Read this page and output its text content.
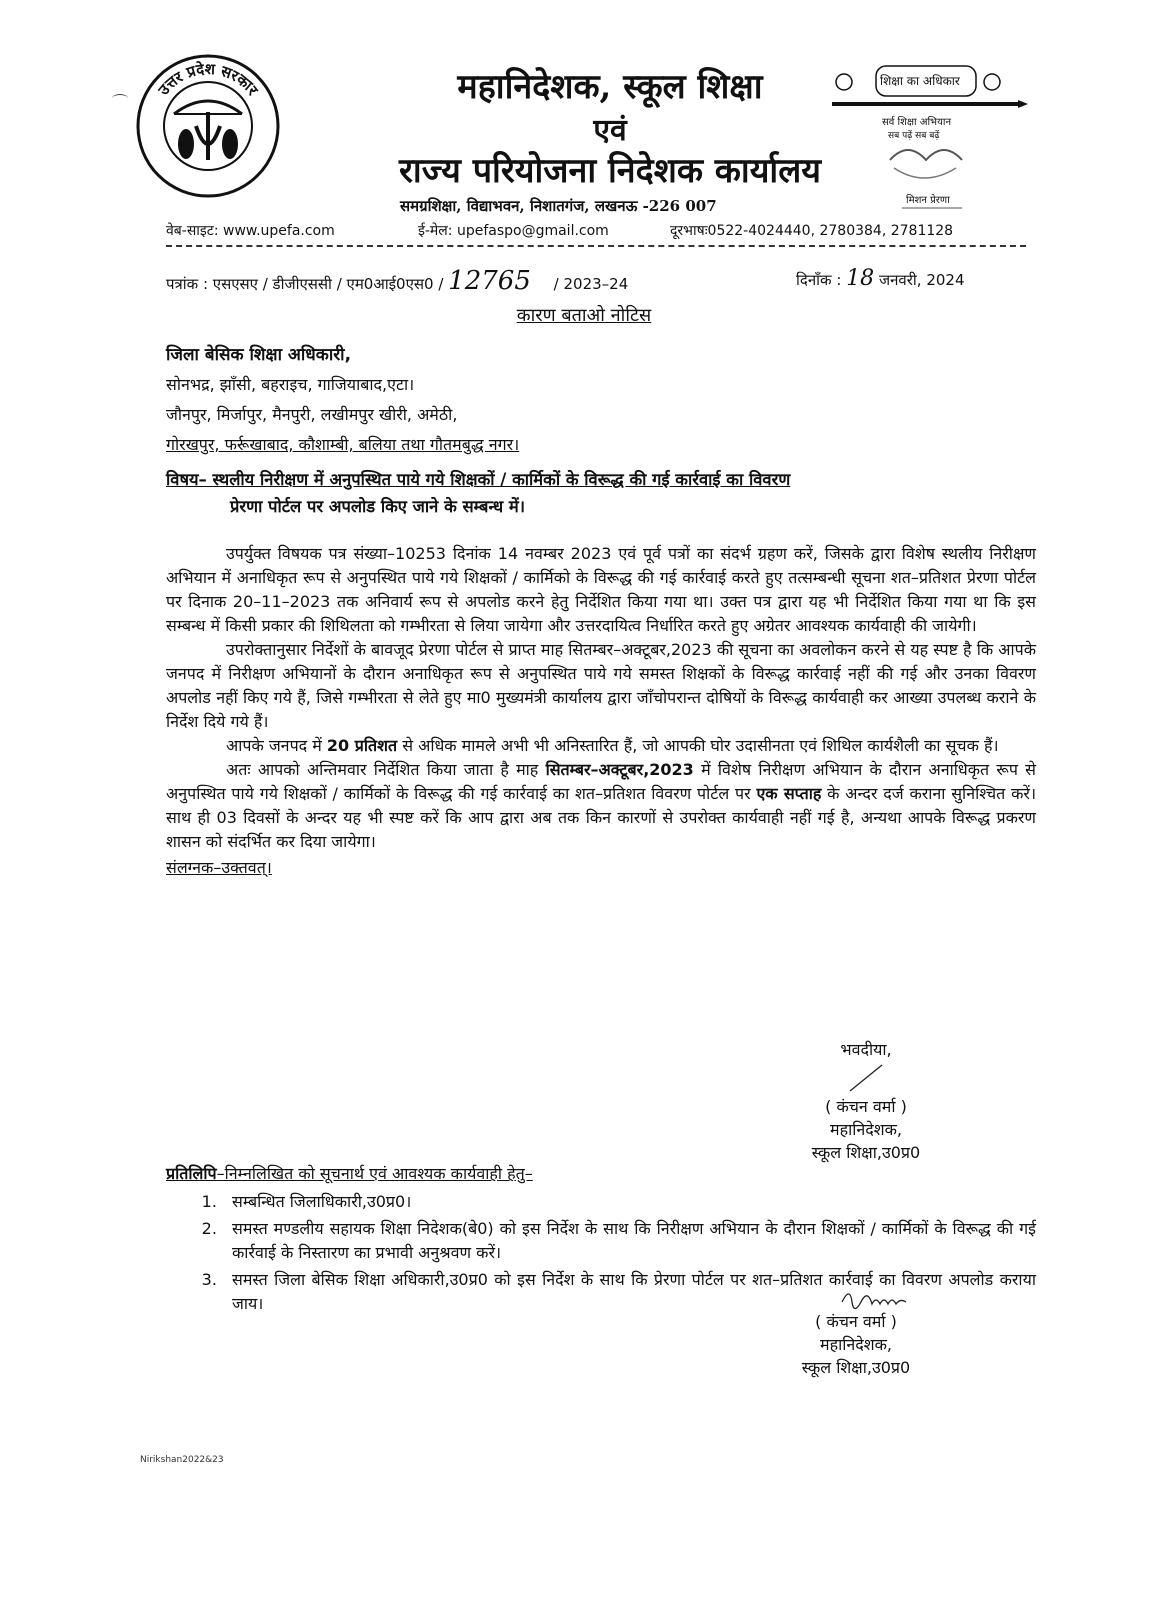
उत्तर प्रदेश सरकार	महानिदेशक, स्कूल शिक्षा
एवं
राज्य परियोजना निदेशक कार्यालय
समग्रशिक्षा, विद्याभवन, निशातगंज, लखनऊ -226 007
शिक्षा का अधिकार
सर्व शिक्षा अभियान
सब पढ़ें सब बढ़ें
मिशन प्रेरणा
वेब-साइट: www.upefa.com	ई-मेल: upefaspo@gmail.com	दूरभाषः0522-4024440, 2780384, 2781128
पत्रांक : एसएसए / डीजीएससी / एम0आई0एस0 / 12765 / 2023–24	दिनाँक : 18 जनवरी, 2024
कारण बताओ नोटिस
जिला बेसिक शिक्षा अधिकारी,
सोनभद्र, झाँसी, बहराइच, गाजियाबाद,एटा।
जौनपुर, मिर्जापुर, मैनपुरी, लखीमपुर खीरी, अमेठी,
गोरखपुर, फर्रूखाबाद, कौशाम्बी, बलिया तथा गौतमबुद्ध नगर।
विषय– स्थलीय निरीक्षण में अनुपस्थित पाये गये शिक्षकों / कार्मिकों के विरूद्ध की गई कार्रवाई का विवरण
प्रेरणा पोर्टल पर अपलोड किए जाने के सम्बन्ध में।

उपर्युक्त विषयक पत्र संख्या–10253 दिनांक 14 नवम्बर 2023 एवं पूर्व पत्रों का संदर्भ ग्रहण करें, जिसके द्वारा विशेष स्थलीय निरीक्षण अभियान में अनाधिकृत रूप से अनुपस्थित पाये गये शिक्षकों / कार्मिको के विरूद्ध की गई कार्रवाई करते हुए तत्सम्बन्धी सूचना शत–प्रतिशत प्रेरणा पोर्टल पर दिनाक 20–11–2023 तक अनिवार्य रूप से अपलोड करने हेतु निर्देशित किया गया था। उक्त पत्र द्वारा यह भी निर्देशित किया गया था कि इस सम्बन्ध में किसी प्रकार की शिथिलता को गम्भीरता से लिया जायेगा और उत्तरदायित्व निर्धारित करते हुए अग्रेतर आवश्यक कार्यवाही की जायेगी।

उपरोक्तानुसार निर्देशों के बावजूद प्रेरणा पोर्टल से प्राप्त माह सितम्बर–अक्टूबर,2023 की सूचना का अवलोकन करने से यह स्पष्ट है कि आपके जनपद में निरीक्षण अभियानों के दौरान अनाधिकृत रूप से अनुपस्थित पाये गये समस्त शिक्षकों के विरूद्ध कार्रवाई नहीं की गई और उनका विवरण अपलोड नहीं किए गये हैं, जिसे गम्भीरता से लेते हुए मा0 मुख्यमंत्री कार्यालय द्वारा जाँचोपरान्त दोषियों के विरूद्ध कार्यवाही कर आख्या उपलब्ध कराने के निर्देश दिये गये हैं।

आपके जनपद में 20 प्रतिशत से अधिक मामले अभी भी अनिस्तारित हैं, जो आपकी घोर उदासीनता एवं शिथिल कार्यशैली का सूचक हैं।

अतः आपको अन्तिमवार निर्देशित किया जाता है माह सितम्बर–अक्टूबर,2023 में विशेष निरीक्षण अभियान के दौरान अनाधिकृत रूप से अनुपस्थित पाये गये शिक्षकों / कार्मिकों के विरूद्ध की गई कार्रवाई का शत–प्रतिशत विवरण पोर्टल पर एक सप्ताह के अन्दर दर्ज कराना सुनिश्चित करें। साथ ही 03 दिवसों के अन्दर यह भी स्पष्ट करें कि आप द्वारा अब तक किन कारणों से उपरोक्त कार्यवाही नहीं गई है, अन्यथा आपके विरूद्ध प्रकरण शासन को संदर्भित कर दिया जायेगा।

संलग्नक–उक्तवत्।
भवदीया,
( कंचन वर्मा )
महानिदेशक,
स्कूल शिक्षा,उ0प्र0
प्रतिलिपि–निम्नलिखित को सूचनार्थ एवं आवश्यक कार्यवाही हेतु–
1. सम्बन्धित जिलाधिकारी,उ0प्र0।
2. समस्त मण्डलीय सहायक शिक्षा निदेशक(बे0) को इस निर्देश के साथ कि निरीक्षण अभियान के दौरान शिक्षकों / कार्मिकों के विरूद्ध की गई कार्रवाई के निस्तारण का प्रभावी अनुश्रवण करें।
3. समस्त जिला बेसिक शिक्षा अधिकारी,उ0प्र0 को इस निर्देश के साथ कि प्रेरणा पोर्टल पर शत–प्रतिशत कार्रवाई का विवरण अपलोड कराया जाय।
( कंचन वर्मा )
महानिदेशक,
स्कूल शिक्षा,उ0प्र0
Nirikshan2022&23
